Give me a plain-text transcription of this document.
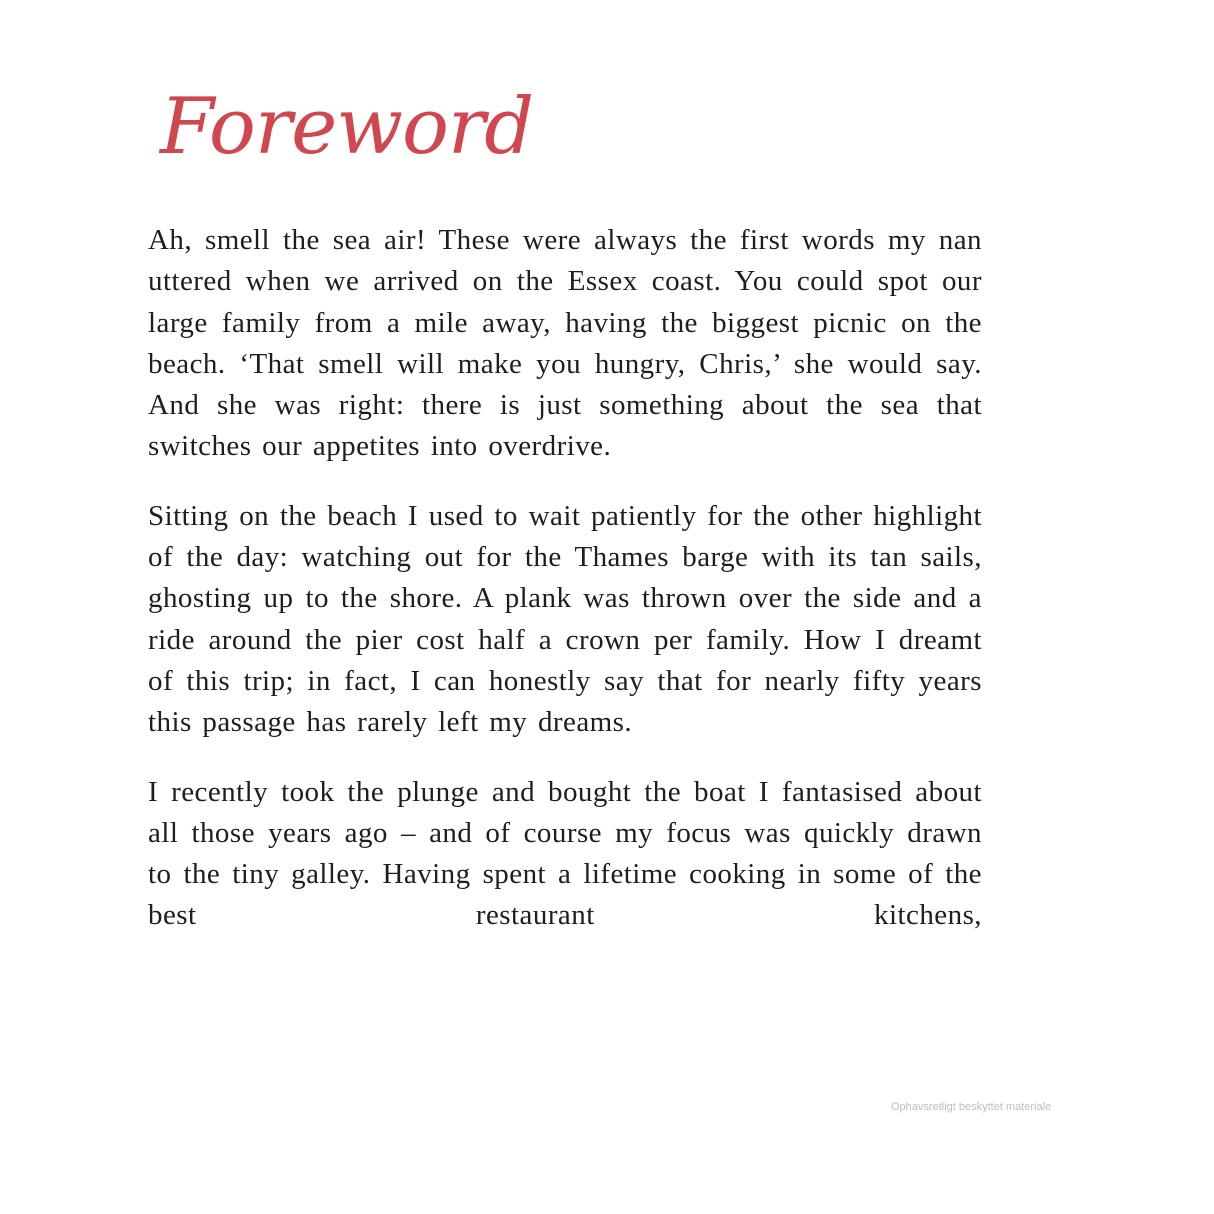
Foreword

Ah, smell the sea air! These were always the first words my nan uttered when we arrived on the Essex coast. You could spot our large family from a mile away, having the biggest picnic on the beach. ‘That smell will make you hungry, Chris,’ she would say. And she was right: there is just something about the sea that switches our appetites into overdrive.

Sitting on the beach I used to wait patiently for the other highlight of the day: watching out for the Thames barge with its tan sails, ghosting up to the shore. A plank was thrown over the side and a ride around the pier cost half a crown per family. How I dreamt of this trip; in fact, I can honestly say that for nearly fifty years this passage has rarely left my dreams.

I recently took the plunge and bought the boat I fantasised about all those years ago – and of course my focus was quickly drawn to the tiny galley. Having spent a lifetime cooking in some of the best restaurant kitchens,

Ophavsretligt beskyttet materiale
